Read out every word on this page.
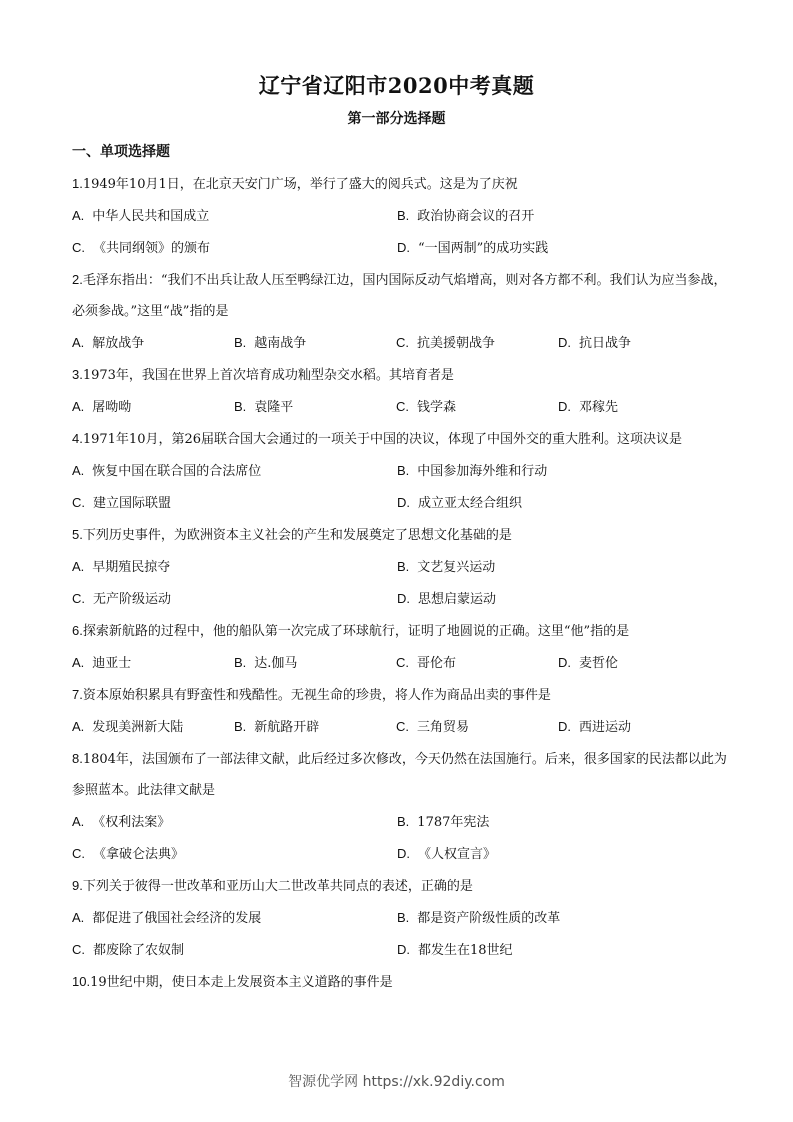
辽宁省辽阳市2020中考真题
第一部分选择题
一、单项选择题

1.1949年10月1日，在北京天安门广场，举行了盛大的阅兵式。这是为了庆祝

A. 中华人民共和国成立	B. 政治协商会议的召开
C. 《共同纲领》的颁布	D. “一国两制”的成功实践

2.毛泽东指出：“我们不出兵让敌人压至鸭绿江边，国内国际反动气焰增高，则对各方都不利。我们认为应当参战，必须参战。”这里“战”指的是

A. 解放战争	B. 越南战争	C. 抗美援朝战争	D. 抗日战争

3.1973年，我国在世界上首次培育成功籼型杂交水稻。其培育者是

A. 屠呦呦	B. 袁隆平	C. 钱学森	D. 邓稼先

4.1971年10月，第26届联合国大会通过的一项关于中国的决议，体现了中国外交的重大胜利。这项决议是

A. 恢复中国在联合国的合法席位	B. 中国参加海外维和行动
C. 建立国际联盟	D. 成立亚太经合组织

5.下列历史事件，为欧洲资本主义社会的产生和发展奠定了思想文化基础的是

A. 早期殖民掠夺	B. 文艺复兴运动
C. 无产阶级运动	D. 思想启蒙运动

6.探索新航路的过程中，他的船队第一次完成了环球航行，证明了地圆说的正确。这里“他”指的是

A. 迪亚士	B. 达.伽马	C. 哥伦布	D. 麦哲伦

7.资本原始积累具有野蛮性和残酷性。无视生命的珍贵，将人作为商品出卖的事件是

A. 发现美洲新大陆	B. 新航路开辟	C. 三角贸易	D. 西进运动

8.1804年，法国颁布了一部法律文献，此后经过多次修改，今天仍然在法国施行。后来，很多国家的民法都以此为参照蓝本。此法律文献是

A. 《权利法案》	B. 1787年宪法
C. 《拿破仑法典》	D. 《人权宣言》

9.下列关于彼得一世改革和亚历山大二世改革共同点的表述，正确的是

A. 都促进了俄国社会经济的发展	B. 都是资产阶级性质的改革
C. 都废除了农奴制	D. 都发生在18世纪

10.19世纪中期，使日本走上发展资本主义道路的事件是

智源优学网 https://xk.92diy.com
